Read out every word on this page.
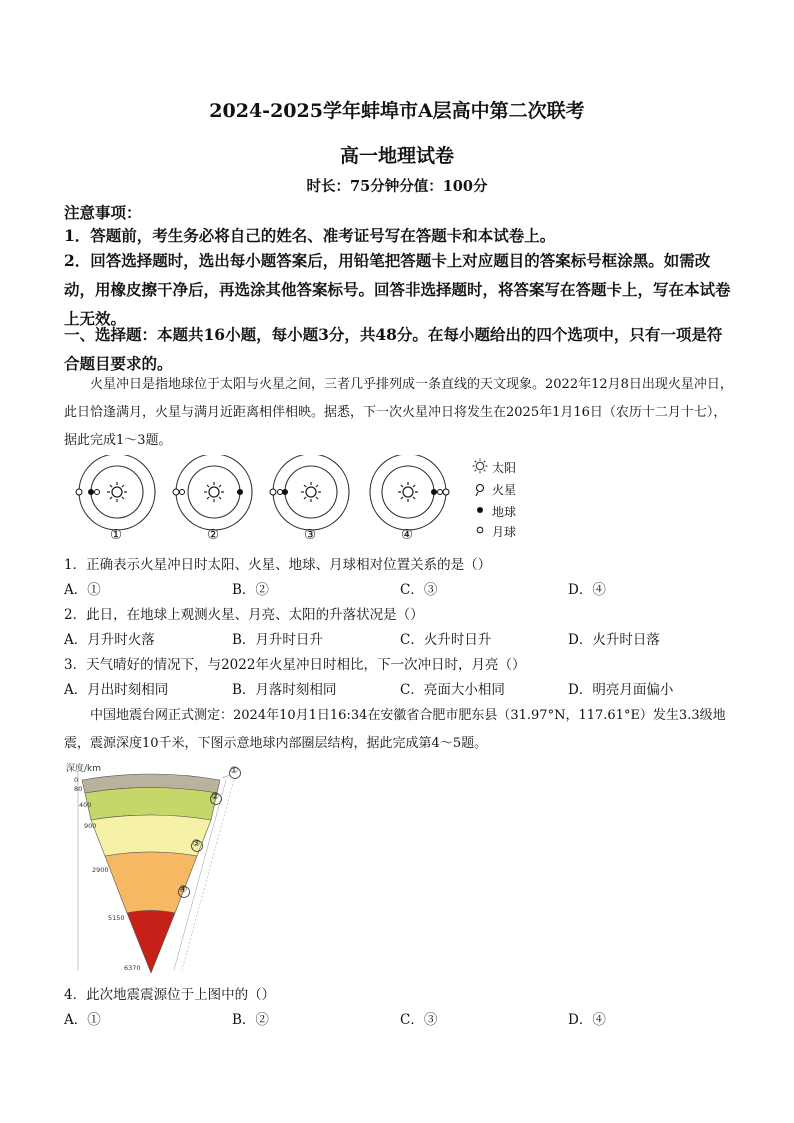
2024-2025学年蚌埠市A层高中第二次联考
高一地理试卷
时长：75分钟分值：100分
注意事项：
1．答题前，考生务必将自己的姓名、准考证号写在答题卡和本试卷上。
2．回答选择题时，选出每小题答案后，用铅笔把答题卡上对应题目的答案标号框涂黑。如需改动，用橡皮擦干净后，再选涂其他答案标号。回答非选择题时，将答案写在答题卡上，写在本试卷上无效。
一、选择题：本题共16小题，每小题3分，共48分。在每小题给出的四个选项中，只有一项是符合题目要求的。
火星冲日是指地球位于太阳与火星之间，三者几乎排列成一条直线的天文现象。2022年12月8日出现火星冲日，此日恰逢满月，火星与满月近距离相伴相映。据悉，下一次火星冲日将发生在2025年1月16日（农历十二月十七），据此完成1～3题。
①	②	③	④
太阳
火星
地球
月球
1．正确表示火星冲日时太阳、火星、地球、月球相对位置关系的是（）
A．①	B．②	C．③	D．④
2．此日，在地球上观测火星、月亮、太阳的升落状况是（）
A．月升时火落	B．月升时日升	C．火升时日升	D．火升时日落
3．天气晴好的情况下，与2022年火星冲日时相比，下一次冲日时，月亮（）
A．月出时刻相同	B．月落时刻相同	C．亮面大小相同	D．明亮月面偏小
中国地震台网正式测定：2024年10月1日16:34在安徽省合肥市肥东县（31.97°N，117.61°E）发生3.3级地震，震源深度10千米，下图示意地球内部圈层结构，据此完成第4～5题。
深度/km
0
80
400
900
2900
5150
6370
①
②
③
④
4．此次地震震源位于上图中的（）
A．①	B．②	C．③	D．④
